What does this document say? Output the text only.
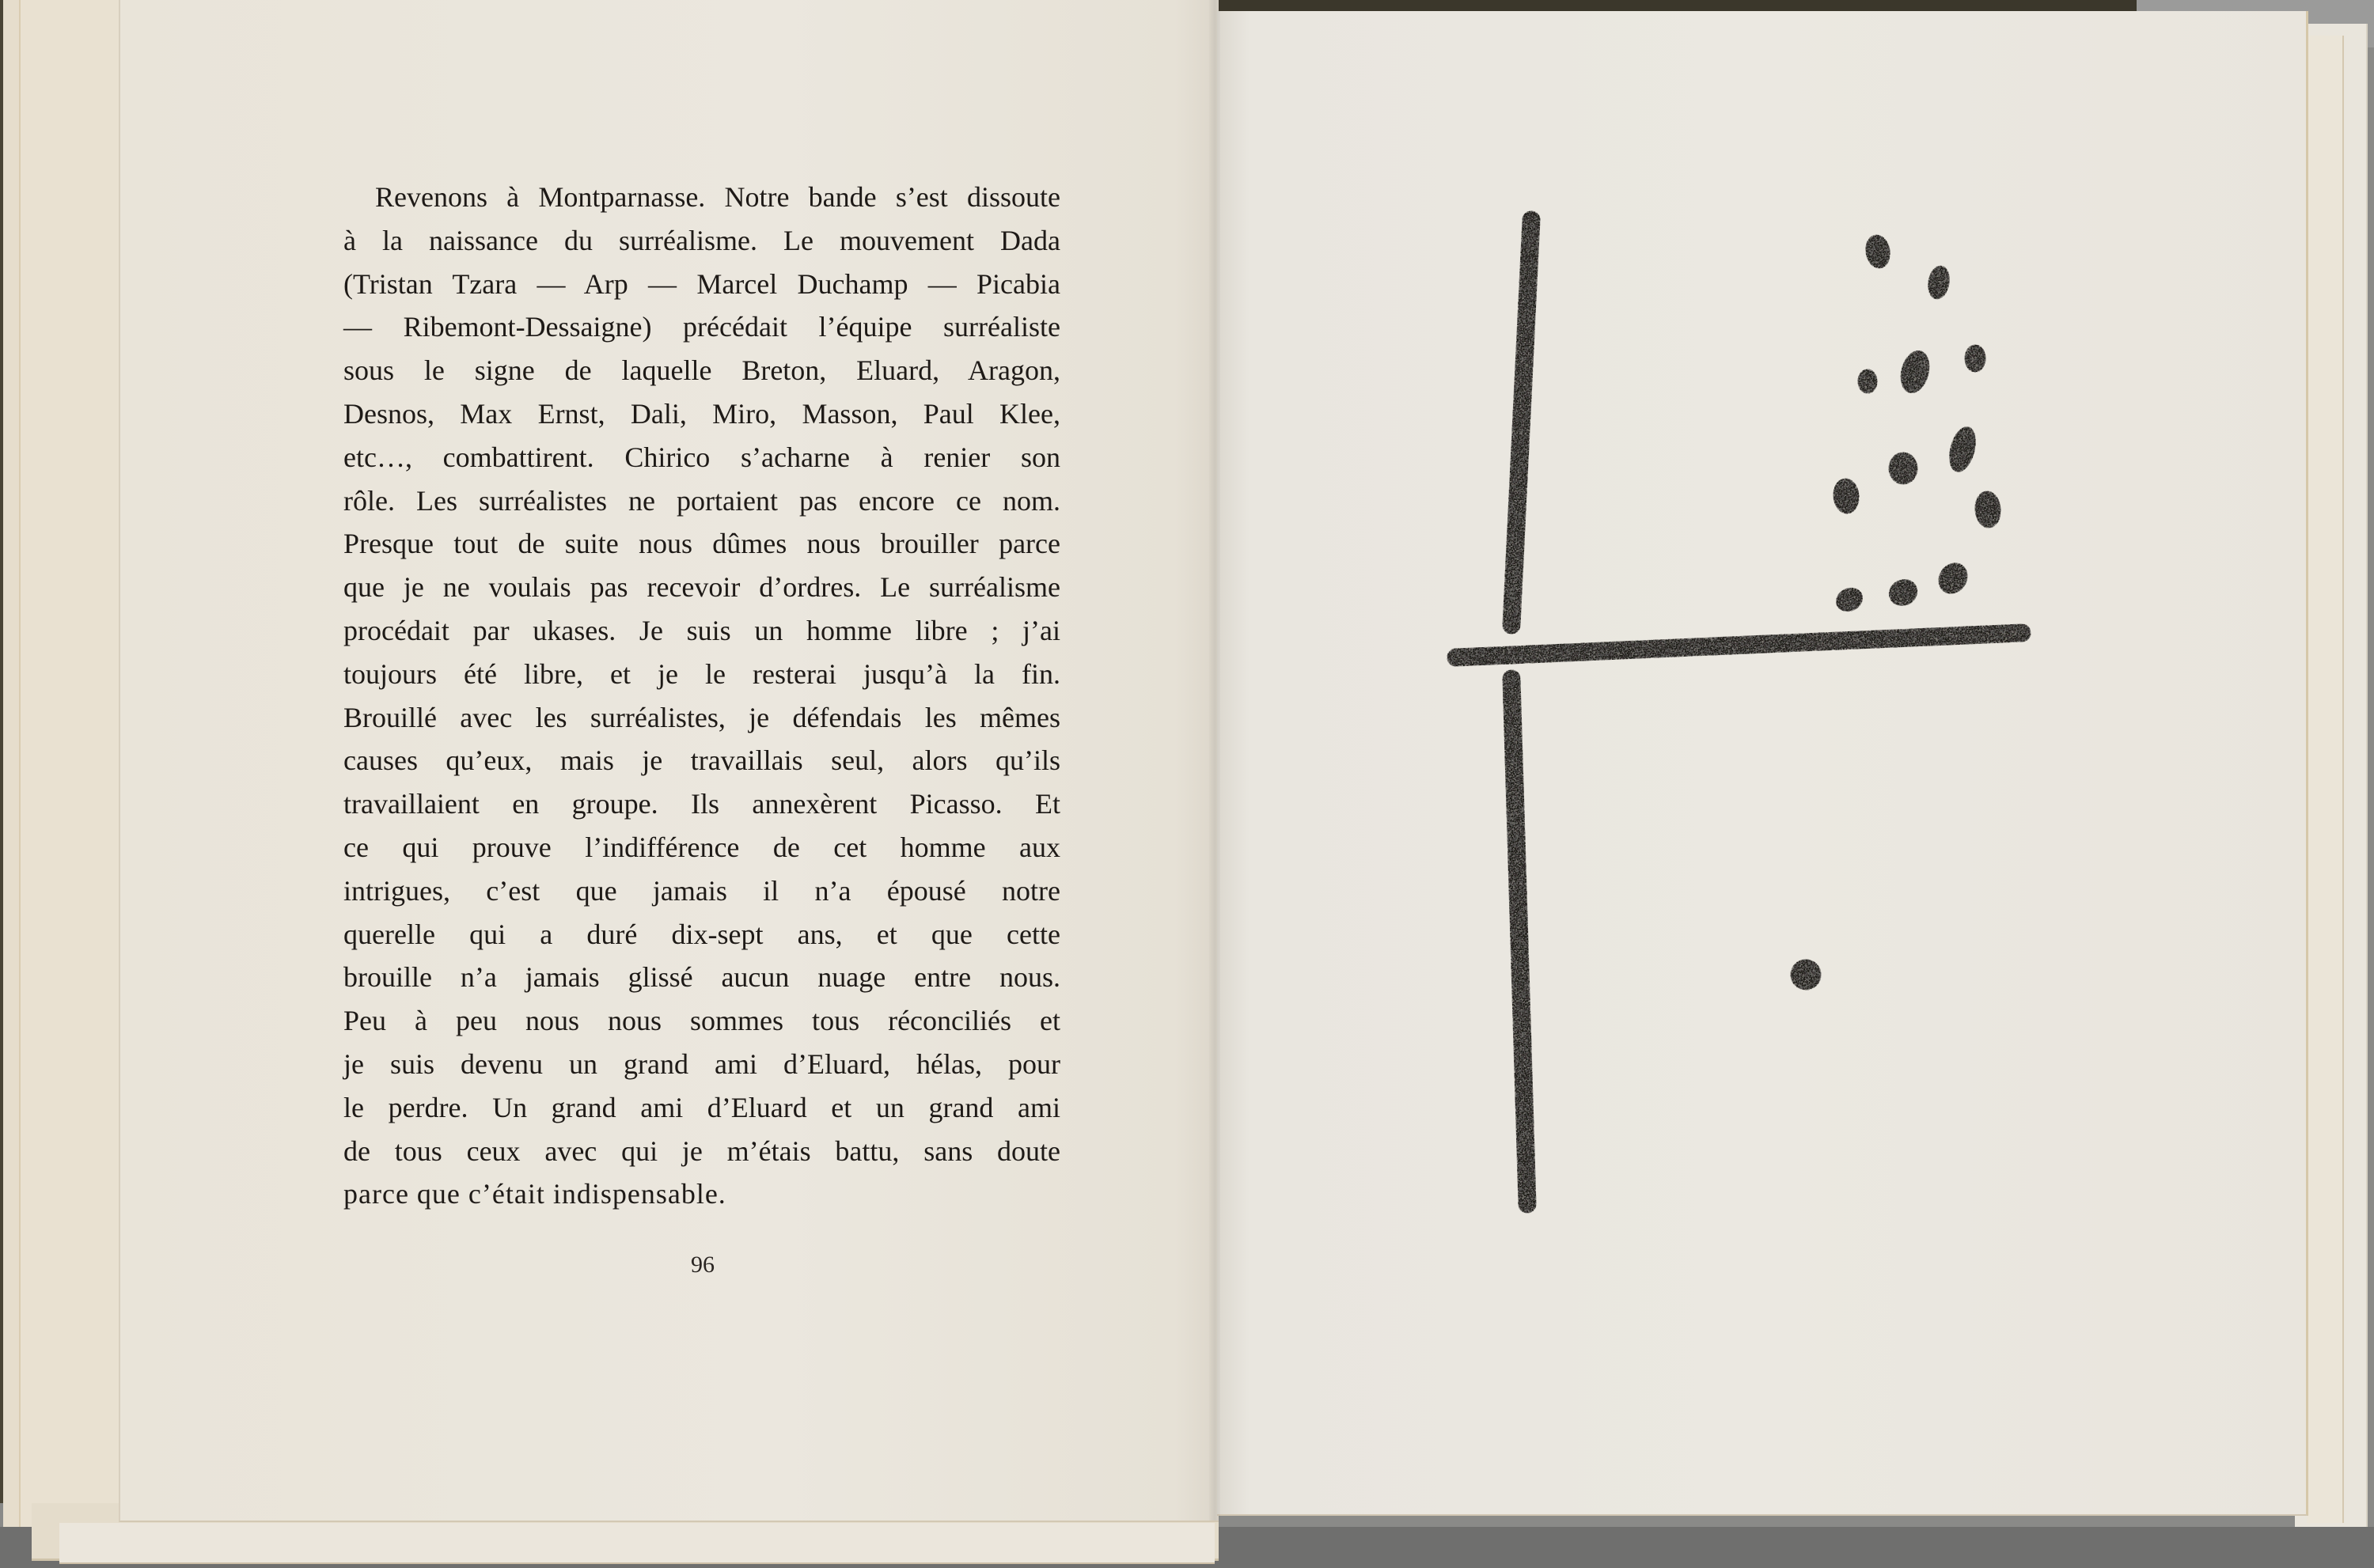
Revenons à Montparnasse. Notre bande s’est dissoute
à la naissance du surréalisme. Le mouvement Dada
(Tristan Tzara — Arp — Marcel Duchamp — Picabia
— Ribemont-Dessaigne) précédait l’équipe surréaliste
sous le signe de laquelle Breton, Eluard, Aragon,
Desnos, Max Ernst, Dali, Miro, Masson, Paul Klee,
etc…, combattirent. Chirico s’acharne à renier son
rôle. Les surréalistes ne portaient pas encore ce nom.
Presque tout de suite nous dûmes nous brouiller parce
que je ne voulais pas recevoir d’ordres. Le surréalisme
procédait par ukases. Je suis un homme libre ; j’ai
toujours été libre, et je le resterai jusqu’à la fin.
Brouillé avec les surréalistes, je défendais les mêmes
causes qu’eux, mais je travaillais seul, alors qu’ils
travaillaient en groupe. Ils annexèrent Picasso. Et
ce qui prouve l’indifférence de cet homme aux
intrigues, c’est que jamais il n’a épousé notre
querelle qui a duré dix-sept ans, et que cette
brouille n’a jamais glissé aucun nuage entre nous.
Peu à peu nous nous sommes tous réconciliés et
je suis devenu un grand ami d’Eluard, hélas, pour
le perdre. Un grand ami d’Eluard et un grand ami
de tous ceux avec qui je m’étais battu, sans doute
parce que c’était indispensable.
96
